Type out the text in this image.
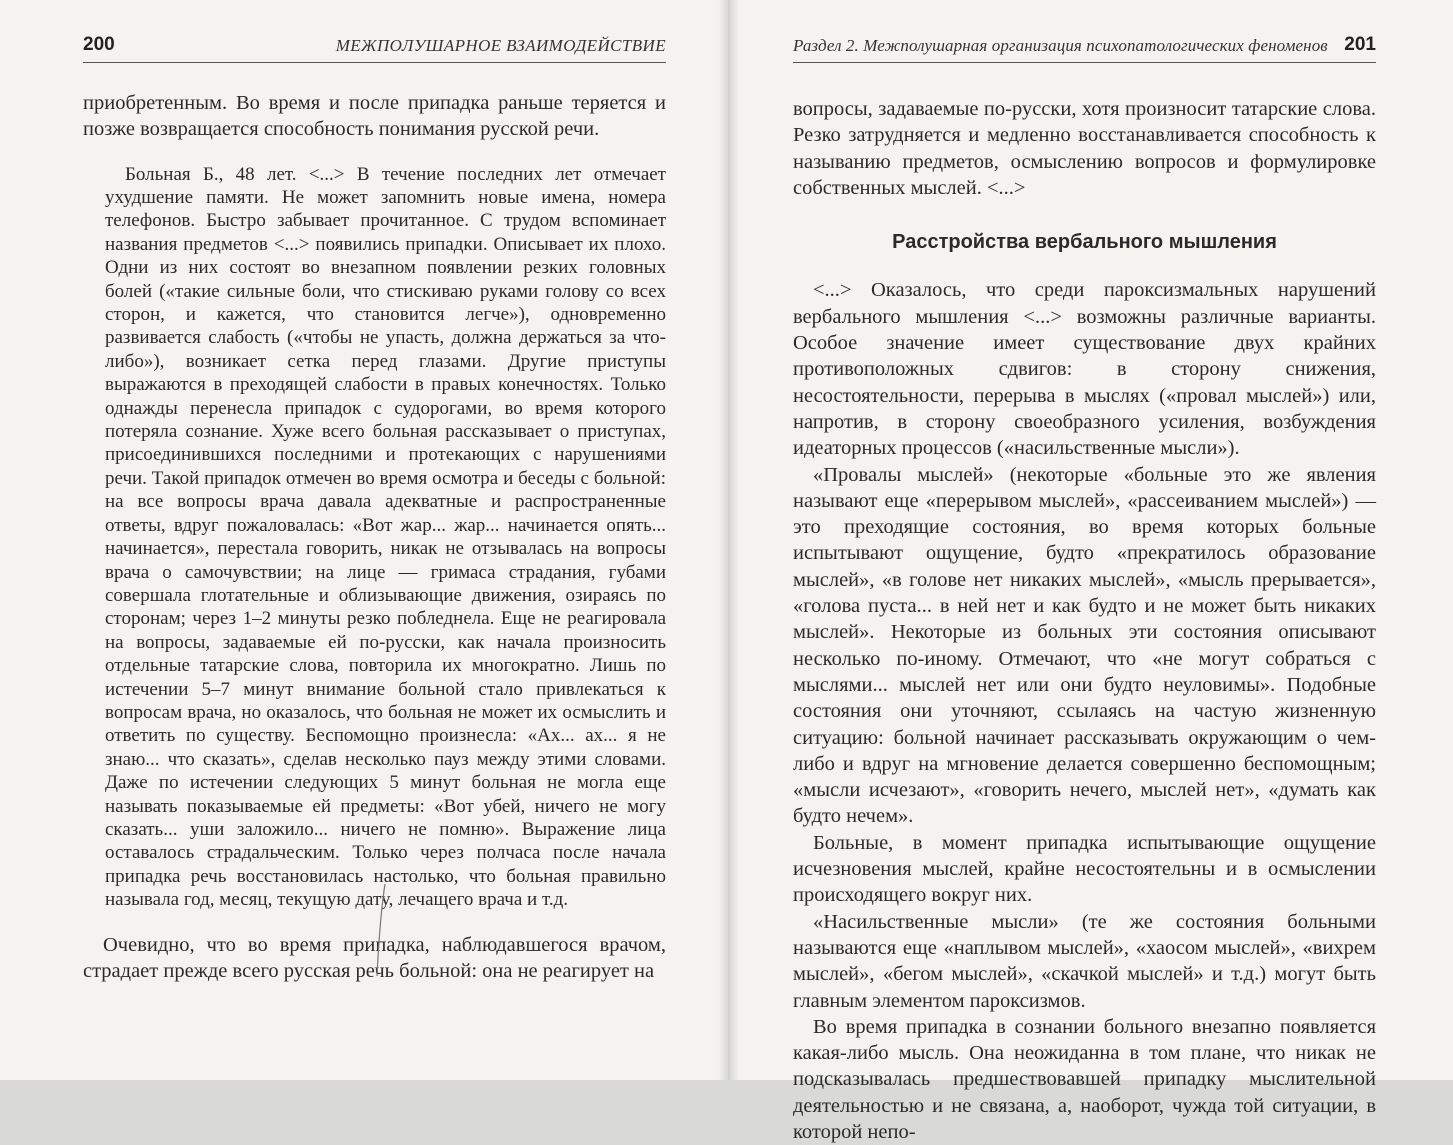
200	МЕЖПОЛУШАРНОЕ ВЗАИМОДЕЙСТВИЕ

приобретенным. Во время и после припадка раньше теряется и позже возвращается способность понимания русской речи.

Больная Б., 48 лет. <...> В течение последних лет отмечает ухудшение памяти. Не может запомнить новые имена, номера телефонов. Быстро забывает прочитанное. С трудом вспоминает названия предметов <...> появились припадки. Описывает их плохо. Одни из них состоят во внезапном появлении резких головных болей («такие сильные боли, что стискиваю руками голову со всех сторон, и кажется, что становится легче»), одновременно развивается слабость («чтобы не упасть, должна держаться за что-либо»), возникает сетка перед глазами. Другие приступы выражаются в преходящей слабости в правых конечностях. Только однажды перенесла припадок с судорогами, во время которого потеряла сознание. Хуже всего больная рассказывает о приступах, присоединившихся последними и протекающих с нарушениями речи. Такой припадок отмечен во время осмотра и беседы с больной: на все вопросы врача давала адекватные и распространенные ответы, вдруг пожаловалась: «Вот жар... жар... начинается опять... начинается», перестала говорить, никак не отзывалась на вопросы врача о самочувствии; на лице — гримаса страдания, губами совершала глотательные и облизывающие движения, озираясь по сторонам; через 1–2 минуты резко побледнела. Еще не реагировала на вопросы, задаваемые ей по-русски, как начала произносить отдельные татарские слова, повторила их многократно. Лишь по истечении 5–7 минут внимание больной стало привлекаться к вопросам врача, но оказалось, что больная не может их осмыслить и ответить по существу. Беспомощно произнесла: «Ах... ах... я не знаю... что сказать», сделав несколько пауз между этими словами. Даже по истечении следующих 5 минут больная не могла еще называть показываемые ей предметы: «Вот убей, ничего не могу сказать... уши заложило... ничего не помню». Выражение лица оставалось страдальческим. Только через полчаса после начала припадка речь восстановилась настолько, что больная правильно называла год, месяц, текущую дату, лечащего врача и т.д.

Очевидно, что во время припадка, наблюдавшегося врачом, страдает прежде всего русская речь больной: она не реагирует на

Раздел 2. Межполушарная организация психопатологических феноменов 201

вопросы, задаваемые по-русски, хотя произносит татарские слова. Резко затрудняется и медленно восстанавливается способность к называнию предметов, осмыслению вопросов и формулировке собственных мыслей. <...>

Расстройства вербального мышления

<...> Оказалось, что среди пароксизмальных нарушений вербального мышления <...> возможны различные варианты. Особое значение имеет существование двух крайних противоположных сдвигов: в сторону снижения, несостоятельности, перерыва в мыслях («провал мыслей») или, напротив, в сторону своеобразного усиления, возбуждения идеаторных процессов («насильственные мысли»).

«Провалы мыслей» (некоторые «больные это же явления называют еще «перерывом мыслей», «рассеиванием мыслей») — это преходящие состояния, во время которых больные испытывают ощущение, будто «прекратилось образование мыслей», «в голове нет никаких мыслей», «мысль прерывается», «голова пуста... в ней нет и как будто и не может быть никаких мыслей». Некоторые из больных эти состояния описывают несколько по-иному. Отмечают, что «не могут собраться с мыслями... мыслей нет или они будто неуловимы». Подобные состояния они уточняют, ссылаясь на частую жизненную ситуацию: больной начинает рассказывать окружающим о чем-либо и вдруг на мгновение делается совершенно беспомощным; «мысли исчезают», «говорить нечего, мыслей нет», «думать как будто нечем».

Больные, в момент припадка испытывающие ощущение исчезновения мыслей, крайне несостоятельны и в осмыслении происходящего вокруг них.

«Насильственные мысли» (те же состояния больными называются еще «наплывом мыслей», «хаосом мыслей», «вихрем мыслей», «бегом мыслей», «скачкой мыслей» и т.д.) могут быть главным элементом пароксизмов.

Во время припадка в сознании больного внезапно появляется какая-либо мысль. Она неожиданна в том плане, что никак не подсказывалась предшествовавшей припадку мыслительной деятельностью и не связана, а, наоборот, чужда той ситуации, в которой непо-
